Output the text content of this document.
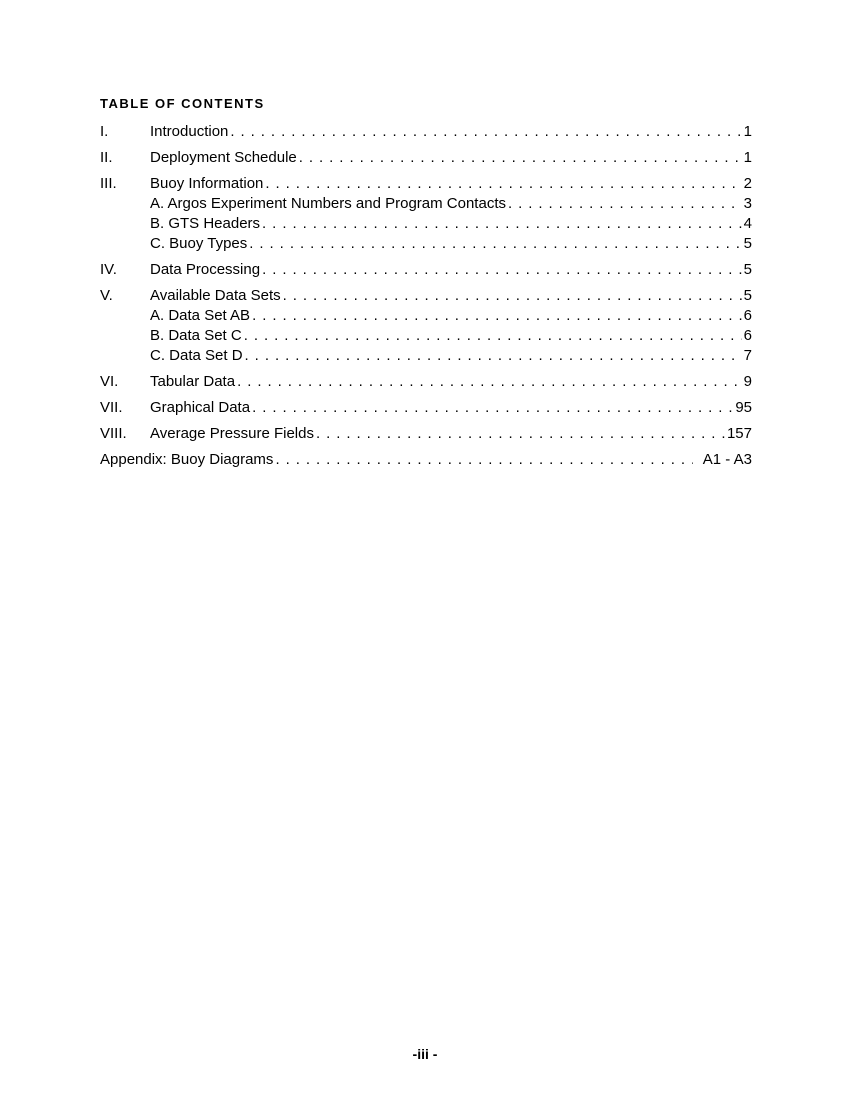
TABLE OF CONTENTS
I.	Introduction . . .	1
II.	Deployment Schedule . . .	1
III.	Buoy Information . . .	2
A. Argos Experiment Numbers and Program Contacts . . .	3
B. GTS Headers . . .	4
C. Buoy Types . . .	5
IV.	Data Processing . . .	5
V.	Available Data Sets . . .	5
A. Data Set AB . . .	6
B. Data Set C . . .	6
C. Data Set D . . .	7
VI.	Tabular Data . . .	9
VII.	Graphical Data . . .	95
VIII.	Average Pressure Fields . . .	157
Appendix: Buoy Diagrams . . .	A1 - A3
-iii -
